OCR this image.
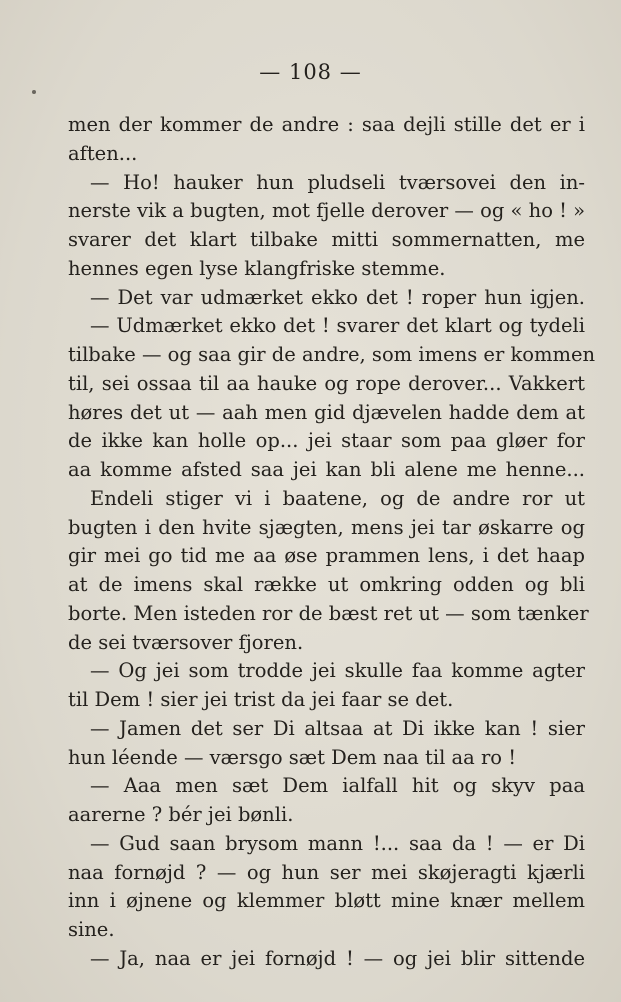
— 108 —
men der kommer de andre : saa dejli stille det er i
aften...
— Ho! hauker hun pludseli tværsovei den in-
nerste vik a bugten, mot fjelle derover — og « ho ! »
svarer det klart tilbake mitti sommernatten, me
hennes egen lyse klangfriske stemme.
— Det var udmærket ekko det ! roper hun igjen.
— Udmærket ekko det ! svarer det klart og tydeli
tilbake — og saa gir de andre, som imens er kommen
til, sei ossaa til aa hauke og rope derover... Vakkert
høres det ut — aah men gid djævelen hadde dem at
de ikke kan holle op... jei staar som paa gløer for
aa komme afsted saa jei kan bli alene me henne...
Endeli stiger vi i baatene, og de andre ror ut
bugten i den hvite sjægten, mens jei tar øskarre og
gir mei go tid me aa øse prammen lens, i det haap
at de imens skal række ut omkring odden og bli
borte. Men isteden ror de bæst ret ut — som tænker
de sei tværsover fjoren.
— Og jei som trodde jei skulle faa komme agter
til Dem ! sier jei trist da jei faar se det.
— Jamen det ser Di altsaa at Di ikke kan ! sier
hun léende — værsgo sæt Dem naa til aa ro !
— Aaa men sæt Dem ialfall hit og skyv paa
aarerne ? bér jei bønli.
— Gud saan brysom mann !... saa da ! — er Di
naa fornøjd ? — og hun ser mei skøjeragti kjærli
inn i øjnene og klemmer bløtt mine knær mellem
sine.
— Ja, naa er jei fornøjd ! — og jei blir sittende
